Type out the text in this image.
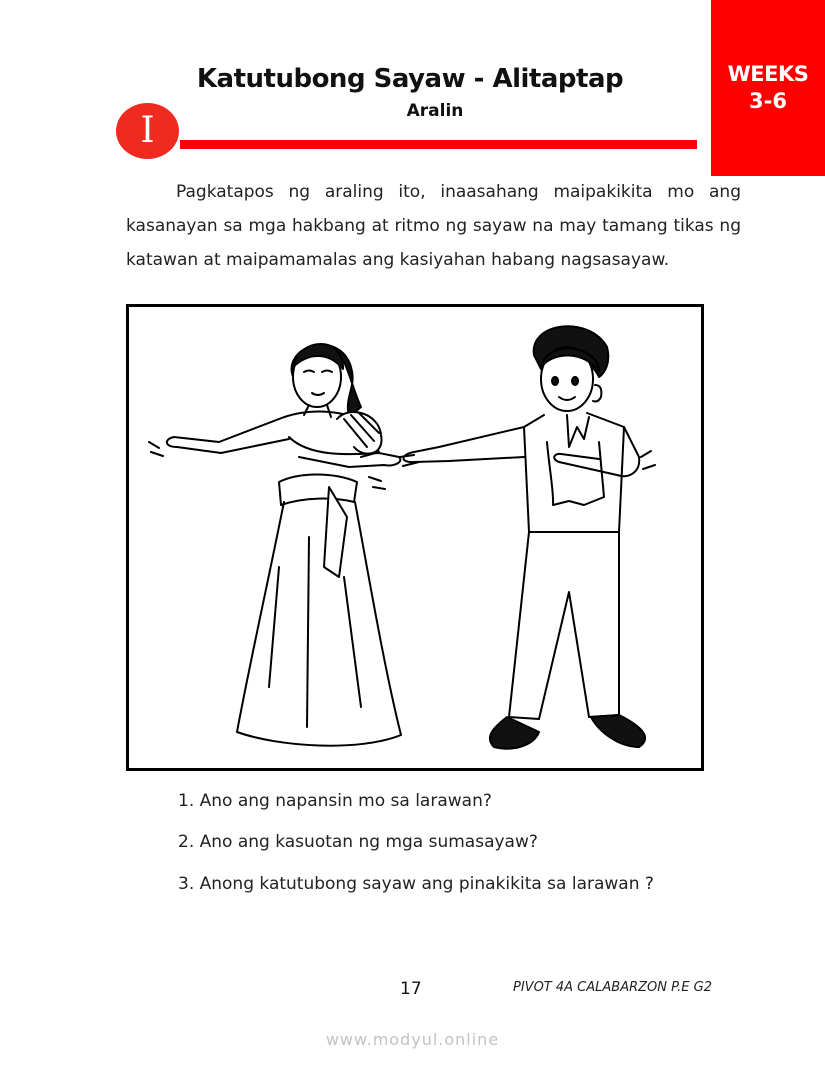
WEEKS
3-6
Katutubong Sayaw - Alitaptap
Aralin
I

Pagkatapos ng araling ito, inaasahang maipakikita mo ang kasanayan sa mga hakbang at ritmo ng sayaw na may tamang tikas ng katawan at maipamamalas ang kasiyahan habang nagsasayaw.

1. Ano ang napansin mo sa larawan?
2. Ano ang kasuotan ng mga sumasayaw?
3. Anong katutubong sayaw ang pinakikita sa larawan ?
17	PIVOT 4A CALABARZON P.E G2
www.modyul.online
